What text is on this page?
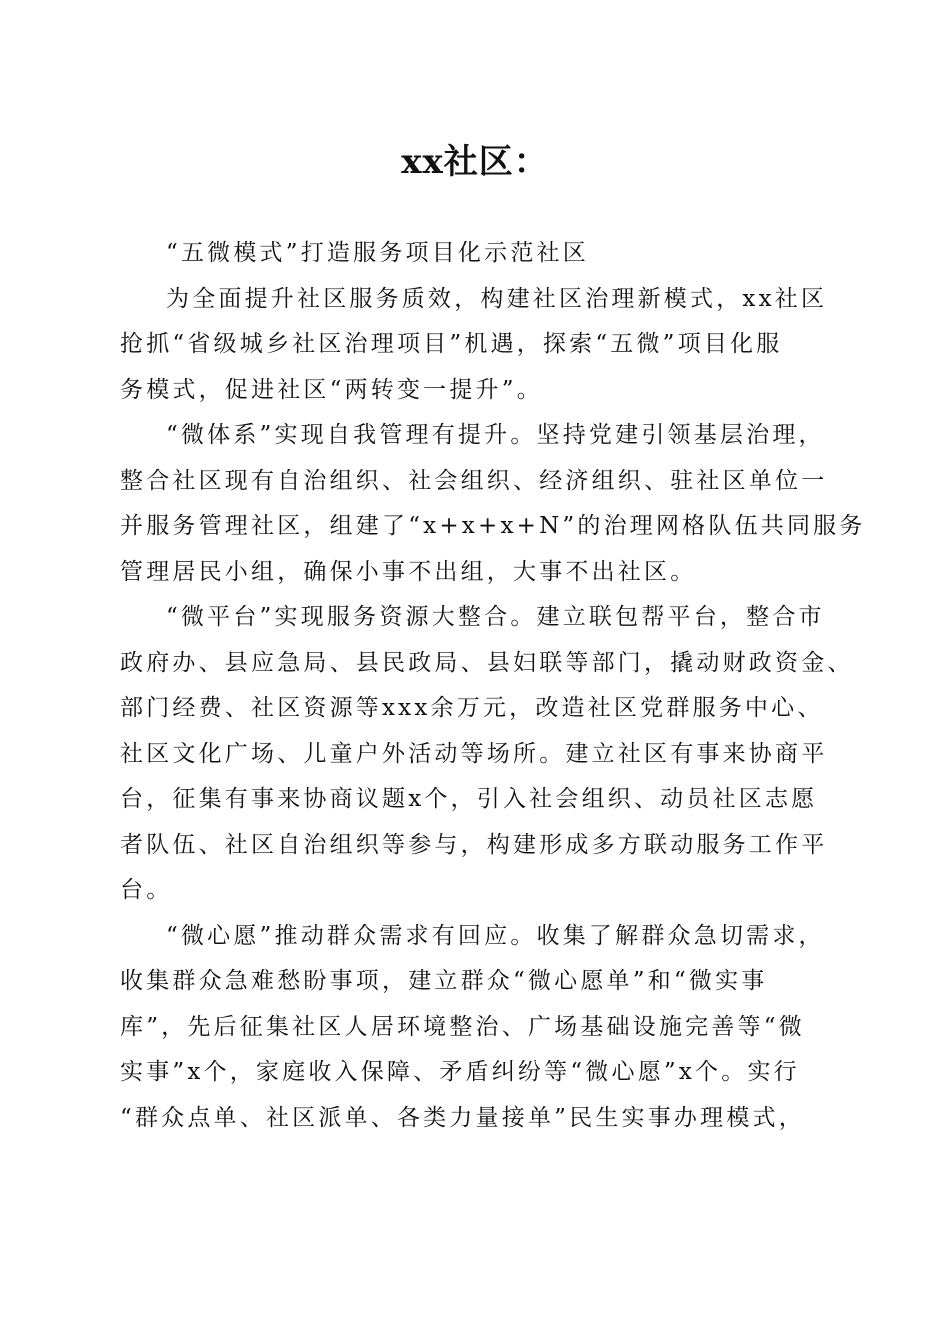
xx社区：

“五微模式”打造服务项目化示范社区

为全面提升社区服务质效，构建社区治理新模式，xx社区
抢抓“省级城乡社区治理项目”机遇，探索“五微”项目化服
务模式，促进社区“两转变一提升”。

“微体系”实现自我管理有提升。坚持党建引领基层治理，
整合社区现有自治组织、社会组织、经济组织、驻社区单位一
并服务管理社区，组建了“x+x+x+N”的治理网格队伍共同服务
管理居民小组，确保小事不出组，大事不出社区。

“微平台”实现服务资源大整合。建立联包帮平台，整合市
政府办、县应急局、县民政局、县妇联等部门，撬动财政资金、
部门经费、社区资源等xxx余万元，改造社区党群服务中心、
社区文化广场、儿童户外活动等场所。建立社区有事来协商平
台，征集有事来协商议题x个，引入社会组织、动员社区志愿
者队伍、社区自治组织等参与，构建形成多方联动服务工作平
台。

“微心愿”推动群众需求有回应。收集了解群众急切需求，
收集群众急难愁盼事项，建立群众“微心愿单”和“微实事
库”，先后征集社区人居环境整治、广场基础设施完善等“微
实事”x个，家庭收入保障、矛盾纠纷等“微心愿”x个。实行
“群众点单、社区派单、各类力量接单”民生实事办理模式，
